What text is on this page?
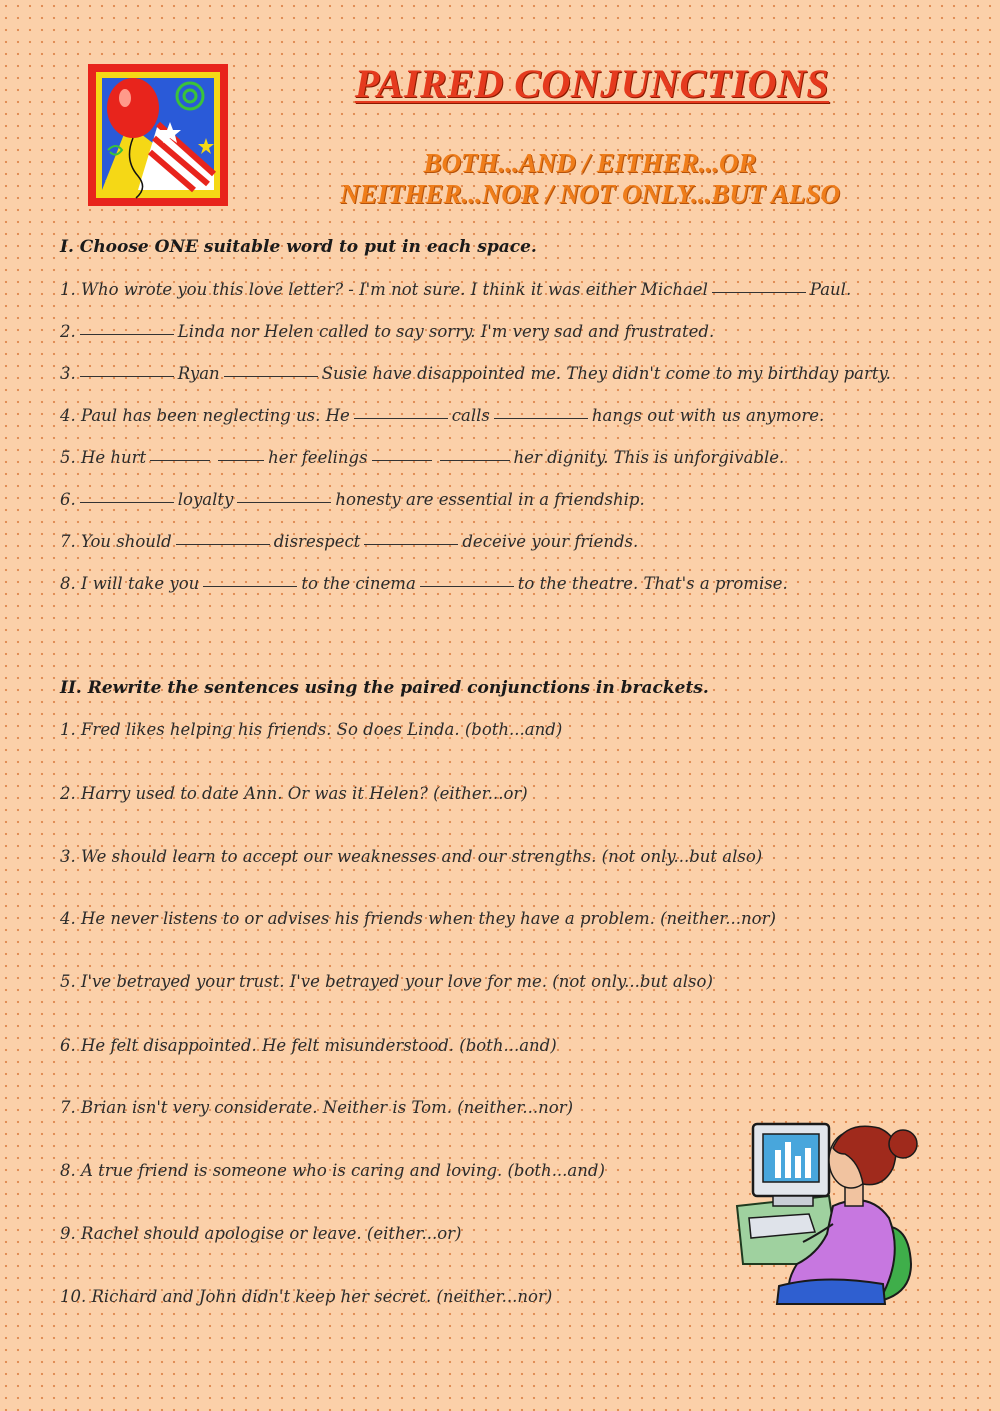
PAIRED CONJUNCTIONS

BOTH...AND / EITHER...OR

NEITHER...NOR / NOT ONLY...BUT ALSO

I. Choose ONE suitable word to put in each space.

1. Who wrote you this love letter? - I'm not sure. I think it was either Michael	Paul.

2.	Linda nor Helen called to say sorry. I'm very sad and frustrated.

3.	Ryan	Susie have disappointed me. They didn't come to my birthday party.

4. Paul has been neglecting us. He	calls	hangs out with us anymore.

5. He hurt	her feelings	her dignity. This is unforgivable.

6.	loyalty	honesty are essential in a friendship.

7. You should	disrespect	deceive your friends.

8. I will take you	to the cinema	to the theatre. That's a promise.

II. Rewrite the sentences using the paired conjunctions in brackets.

1. Fred likes helping his friends. So does Linda. (both...and)

2. Harry used to date Ann. Or was it Helen? (either...or)

3. We should learn to accept our weaknesses and our strengths. (not only...but also)

4. He never listens to or advises his friends when they have a problem. (neither...nor)

5. I've betrayed your trust. I've betrayed your love for me. (not only...but also)

6. He felt disappointed. He felt misunderstood. (both...and)

7. Brian isn't very considerate. Neither is Tom. (neither...nor)

8. A true friend is someone who is caring and loving. (both...and)

9. Rachel should apologise or leave. (either...or)

10. Richard and John didn't keep her secret. (neither...nor)
